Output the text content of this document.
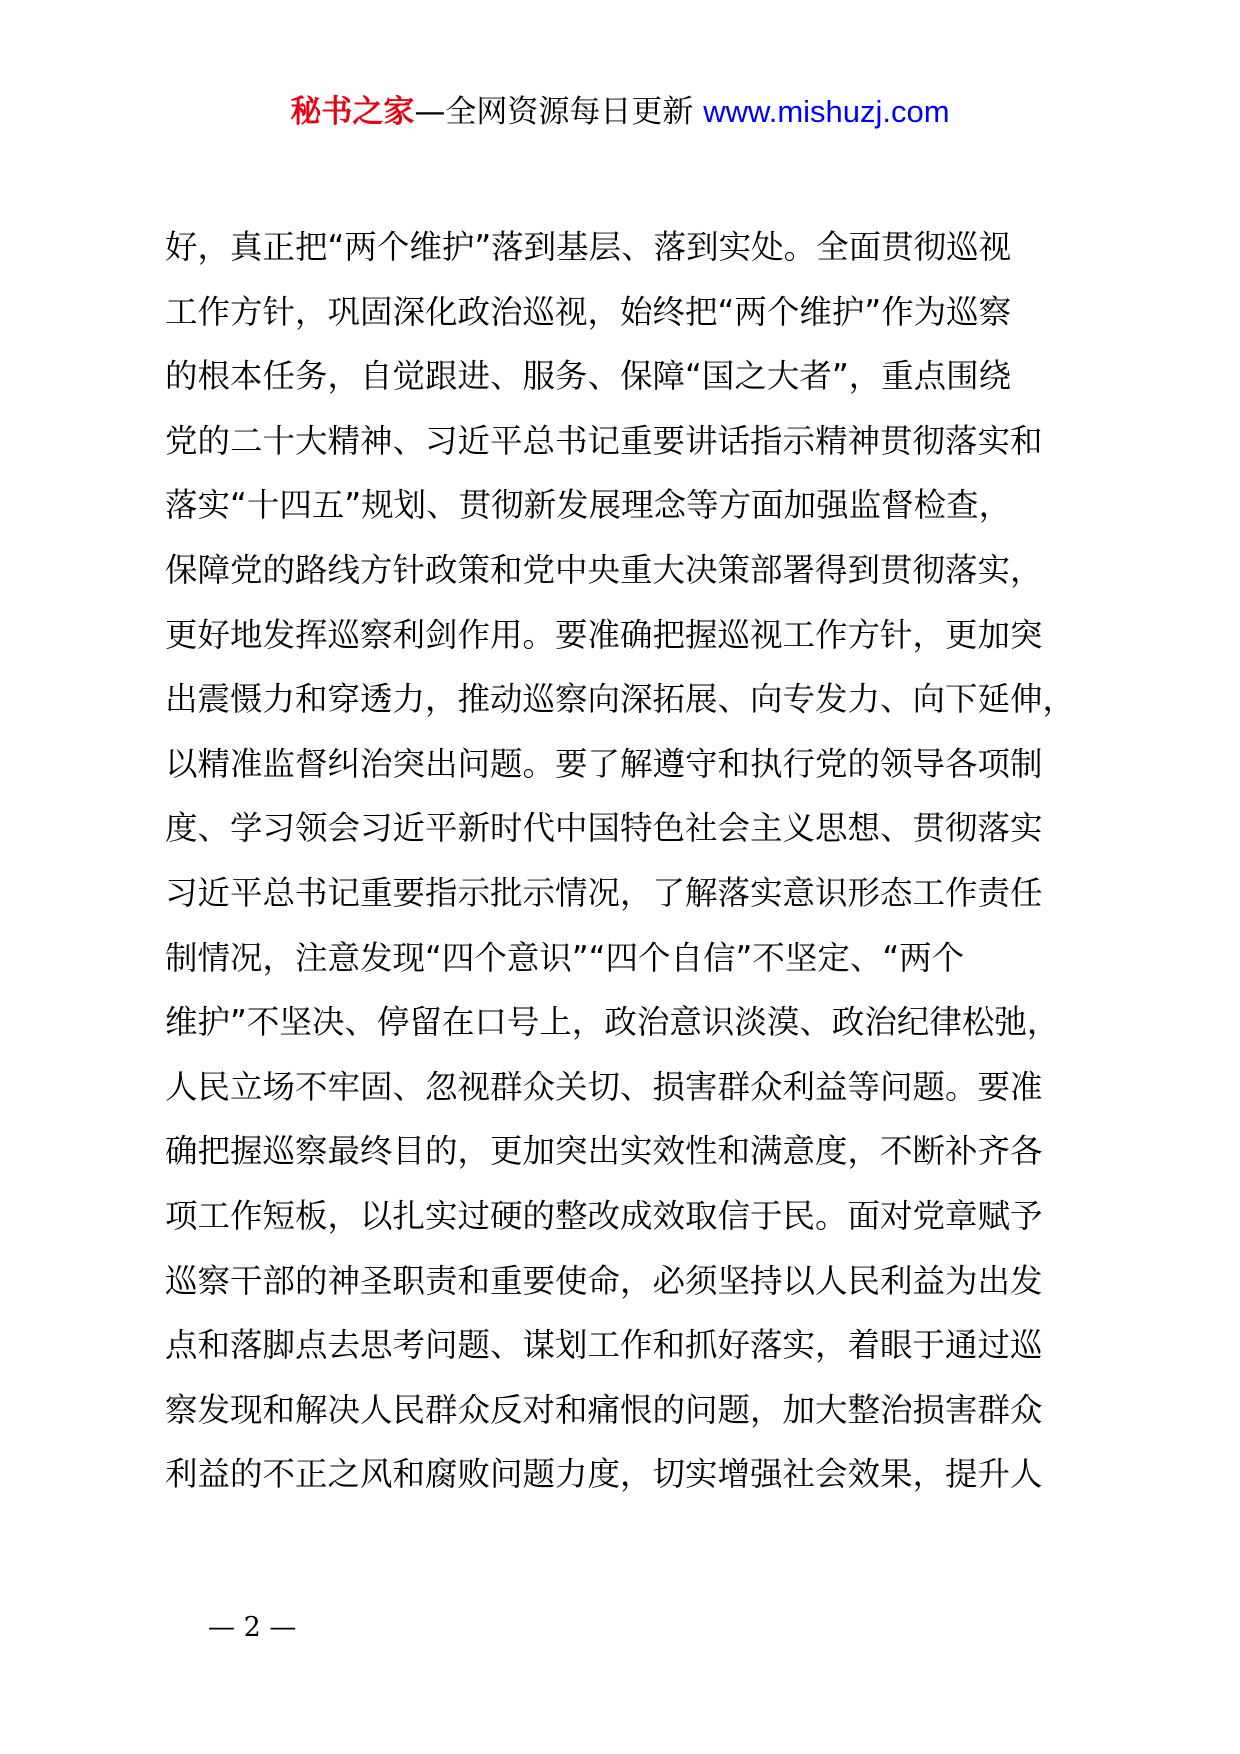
秘书之家—全网资源每日更新 www.mishuzj.com
好，真正把“两个维护”落到基层、落到实处。全面贯彻巡视
工作方针，巩固深化政治巡视，始终把“两个维护”作为巡察
的根本任务，自觉跟进、服务、保障“国之大者”，重点围绕
党的二十大精神、习近平总书记重要讲话指示精神贯彻落实和
落实“十四五”规划、贯彻新发展理念等方面加强监督检查，
保障党的路线方针政策和党中央重大决策部署得到贯彻落实，
更好地发挥巡察利剑作用。要准确把握巡视工作方针，更加突
出震慑力和穿透力，推动巡察向深拓展、向专发力、向下延伸，
以精准监督纠治突出问题。要了解遵守和执行党的领导各项制
度、学习领会习近平新时代中国特色社会主义思想、贯彻落实
习近平总书记重要指示批示情况，了解落实意识形态工作责任
制情况，注意发现“四个意识”“四个自信”不坚定、“两个
维护”不坚决、停留在口号上，政治意识淡漠、政治纪律松弛，
人民立场不牢固、忽视群众关切、损害群众利益等问题。要准
确把握巡察最终目的，更加突出实效性和满意度，不断补齐各
项工作短板，以扎实过硬的整改成效取信于民。面对党章赋予
巡察干部的神圣职责和重要使命，必须坚持以人民利益为出发
点和落脚点去思考问题、谋划工作和抓好落实，着眼于通过巡
察发现和解决人民群众反对和痛恨的问题，加大整治损害群众
利益的不正之风和腐败问题力度，切实增强社会效果，提升人
— 2 —
